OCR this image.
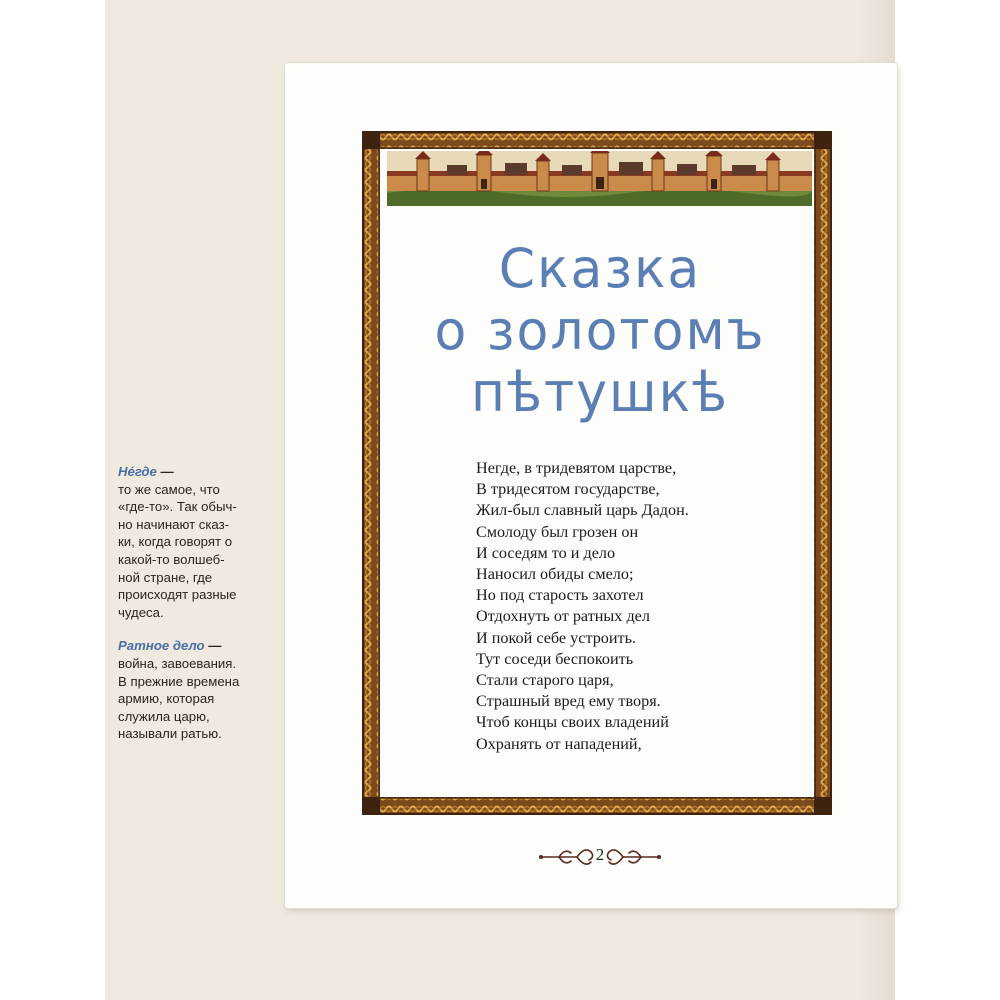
Нéгде —
то же самое, что
«где-то». Так обыч-
но начинают сказ-
ки, когда говорят о
какой-то волшеб-
ной стране, где
происходят разные
чудеса.
Ратное дело —
война, завоевания.
В прежние времена
армию, которая
служила царю,
называли ратью.
Сказка
о золотомъ
пѣтушкѣ
Негде, в тридевятом царстве,
В тридесятом государстве,
Жил-был славный царь Дадон.
Смолоду был грозен он
И соседям то и дело
Наносил обиды смело;
Но под старость захотел
Отдохнуть от ратных дел
И покой себе устроить.
Тут соседи беспокоить
Стали старого царя,
Страшный вред ему творя.
Чтоб концы своих владений
Охранять от нападений,
2
